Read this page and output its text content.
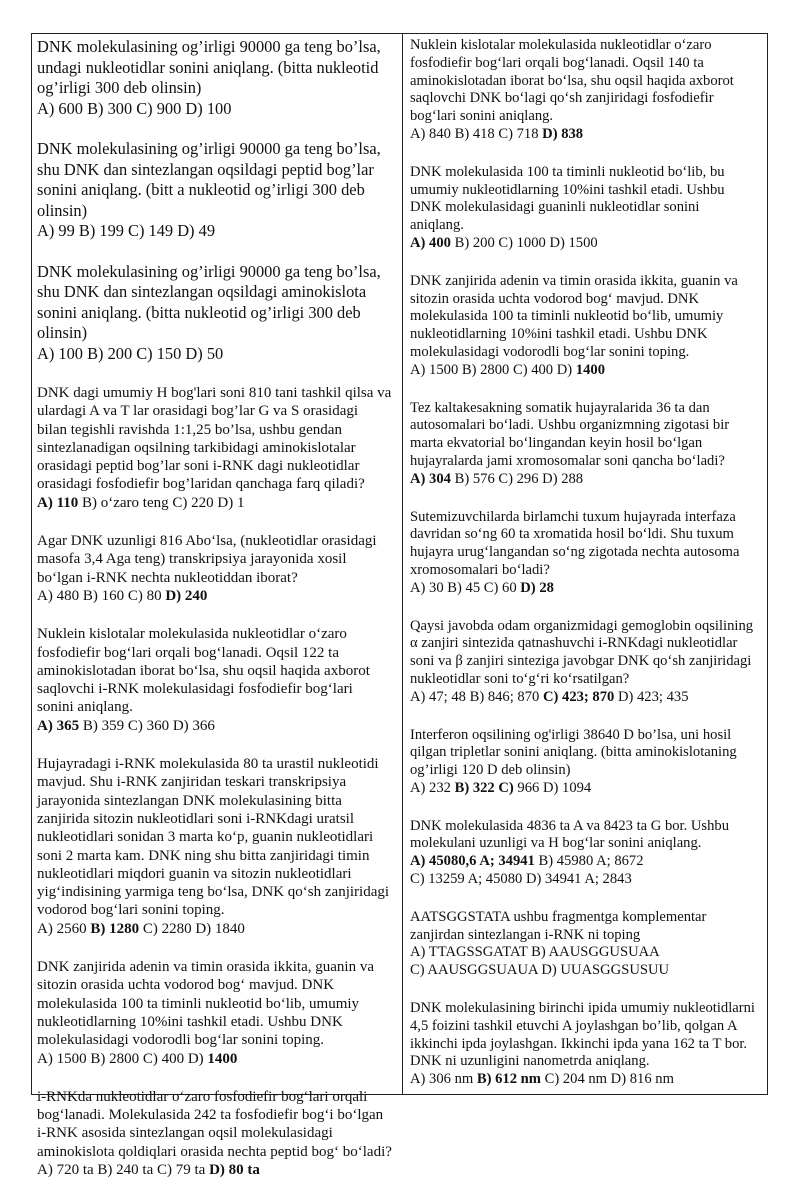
DNK molekulasining og’irligi 90000 ga teng bo’lsa,
undagi nukleotidlar sonini aniqlang. (bitta nukleotid
og’irligi 300 deb olinsin)
A) 600 B) 300 C) 900 D) 100
DNK molekulasining og’irligi 90000 ga teng bo’lsa,
shu DNK dan sintezlangan oqsildagi peptid bog’lar
sonini aniqlang. (bitt a nukleotid og’irligi 300 deb
olinsin)
A) 99 B) 199 C) 149 D) 49
DNK molekulasining og’irligi 90000 ga teng bo’lsa,
shu DNK dan sintezlangan oqsildagi aminokislota
sonini aniqlang. (bitta nukleotid og’irligi 300 deb
olinsin)
A) 100 B) 200 C) 150 D) 50
DNK dagi umumiy H bog'lari soni 810 tani tashkil qilsa va
ulardagi A va T lar orasidagi bog’lar G va S orasidagi
bilan tegishli ravishda 1:1,25 bo’lsa, ushbu gendan
sintezlanadigan oqsilning tarkibidagi aminokislotalar
orasidagi peptid bog’lar soni i-RNK dagi nukleotidlar
orasidagi fosfodiefir bog’laridan qanchaga farq qiladi?
A) 110 B) o‘zaro teng C) 220 D) 1
Agar DNK uzunligi 816 Abo‘lsa, (nukleotidlar orasidagi
masofa 3,4 Aga teng) transkripsiya jarayonida xosil
bo‘lgan i-RNK nechta nukleotiddan iborat?
A) 480 B) 160 C) 80 D) 240
Nuklein kislotalar molekulasida nukleotidlar o‘zaro
fosfodiefir bog‘lari orqali bog‘lanadi. Oqsil 122 ta
aminokislotadan iborat bo‘lsa, shu oqsil haqida axborot
saqlovchi i-RNK molekulasidagi fosfodiefir bog‘lari
sonini aniqlang.
A) 365 B) 359 C) 360 D) 366
Hujayradagi i-RNK molekulasida 80 ta urastil nukleotidi
mavjud. Shu i-RNK zanjiridan teskari transkripsiya
jarayonida sintezlangan DNK molekulasining bitta
zanjirida sitozin nukleotidlari soni i-RNKdagi uratsil
nukleotidlari sonidan 3 marta ko‘p, guanin nukleotidlari
soni 2 marta kam. DNK ning shu bitta zanjiridagi timin
nukleotidlari miqdori guanin va sitozin nukleotidlari
yig‘indisining yarmiga teng bo‘lsa, DNK qo‘sh zanjiridagi
vodorod bog‘lari sonini toping.
A) 2560 B) 1280 C) 2280 D) 1840
DNK zanjirida adenin va timin orasida ikkita, guanin va
sitozin orasida uchta vodorod bog‘ mavjud. DNK
molekulasida 100 ta timinli nukleotid bo‘lib, umumiy
nukleotidlarning 10%ini tashkil etadi. Ushbu DNK
molekulasidagi vodorodli bog‘lar sonini toping.
A) 1500 B) 2800 C) 400 D) 1400
i-RNKda nukleotidlar o‘zaro fosfodiefir bog‘lari orqali
bog‘lanadi. Molekulasida 242 ta fosfodiefir bog‘i bo‘lgan
i-RNK asosida sintezlangan oqsil molekulasidagi
aminokislota qoldiqlari orasida nechta peptid bog‘ bo‘ladi?
A) 720 ta B) 240 ta C) 79 ta D) 80 ta
Nuklein kislotalar molekulasida nukleotidlar o‘zaro
fosfodiefir bog‘lari orqali bog‘lanadi. Oqsil 140 ta
aminokislotadan iborat bo‘lsa, shu oqsil haqida axborot
saqlovchi DNK bo‘lagi qo‘sh zanjiridagi fosfodiefir
bog‘lari sonini aniqlang.
A) 840 B) 418 C) 718 D) 838
DNK molekulasida 100 ta timinli nukleotid bo‘lib, bu
umumiy nukleotidlarning 10%ini tashkil etadi. Ushbu
DNK molekulasidagi guaninli nukleotidlar sonini
aniqlang.
A) 400 B) 200 C) 1000 D) 1500
DNK zanjirida adenin va timin orasida ikkita, guanin va
sitozin orasida uchta vodorod bog‘ mavjud. DNK
molekulasida 100 ta timinli nukleotid bo‘lib, umumiy
nukleotidlarning 10%ini tashkil etadi. Ushbu DNK
molekulasidagi vodorodli bog‘lar sonini toping.
A) 1500 B) 2800 C) 400 D) 1400
Tez kaltakesakning somatik hujayralarida 36 ta dan
autosomalari bo‘ladi. Ushbu organizmning zigotasi bir
marta ekvatorial bo‘lingandan keyin hosil bo‘lgan
hujayralarda jami xromosomalar soni qancha bo‘ladi?
A) 304 B) 576 C) 296 D) 288
Sutemizuvchilarda birlamchi tuxum hujayrada interfaza
davridan so‘ng 60 ta xromatida hosil bo‘ldi. Shu tuxum
hujayra urug‘langandan so‘ng zigotada nechta autosoma
xromosomalari bo‘ladi?
A) 30 B) 45 C) 60 D) 28
Qaysi javobda odam organizmidagi gemoglobin oqsilining
α zanjiri sintezida qatnashuvchi i-RNKdagi nukleotidlar
soni va β zanjiri sinteziga javobgar DNK qo‘sh zanjiridagi
nukleotidlar soni to‘g‘ri ko‘rsatilgan?
A) 47; 48 B) 846; 870 C) 423; 870 D) 423; 435
Interferon oqsilining og'irligi 38640 D bo’lsa, uni hosil
qilgan tripletlar sonini aniqlang. (bitta aminokislotaning
og’irligi 120 D deb olinsin)
A) 232 B) 322 C) 966 D) 1094
DNK molekulasida 4836 ta A va 8423 ta G bor. Ushbu
molekulani uzunligi va H bog‘lar sonini aniqlang.
A) 45080,6 A; 34941 B) 45980 A; 8672
C) 13259 A; 45080 D) 34941 A; 2843
AATSGGSTATA ushbu fragmentga komplementar
zanjirdan sintezlangan i-RNK ni toping
A) TTAGSSGATAT B) AAUSGGUSUAA
C) AAUSGGSUAUA D) UUASGGSUSUU
DNK molekulasining birinchi ipida umumiy nukleotidlarni
4,5 foizini tashkil etuvchi A joylashgan bo’lib, qolgan A
ikkinchi ipda joylashgan. Ikkinchi ipda yana 162 ta T bor.
DNK ni uzunligini nanometrda aniqlang.
A) 306 nm B) 612 nm C) 204 nm D) 816 nm
